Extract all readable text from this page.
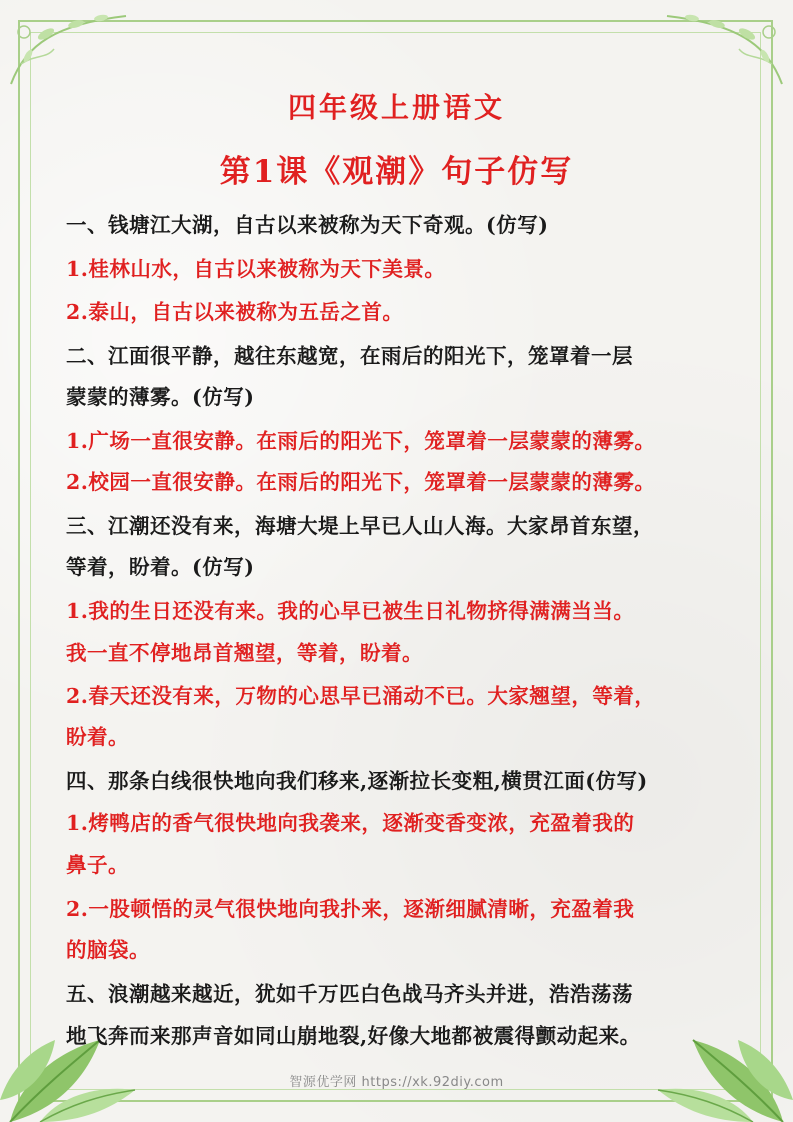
四年级上册语文
第1课《观潮》句子仿写
一、钱塘江大湖，自古以来被称为天下奇观。(仿写)
1.桂林山水，自古以来被称为天下美景。
2.泰山，自古以来被称为五岳之首。
二、江面很平静，越往东越宽，在雨后的阳光下，笼罩着一层
蒙蒙的薄雾。(仿写)
1.广场一直很安静。在雨后的阳光下，笼罩着一层蒙蒙的薄雾。
2.校园一直很安静。在雨后的阳光下，笼罩着一层蒙蒙的薄雾。
三、江潮还没有来，海塘大堤上早已人山人海。大家昂首东望，
等着，盼着。(仿写)
1.我的生日还没有来。我的心早已被生日礼物挤得满满当当。
我一直不停地昂首翘望，等着，盼着。
2.春天还没有来，万物的心思早已涌动不已。大家翘望，等着，
盼着。
四、那条白线很快地向我们移来,逐渐拉长变粗,横贯江面(仿写)
1.烤鸭店的香气很快地向我袭来，逐渐变香变浓，充盈着我的
鼻子。
2.一股顿悟的灵气很快地向我扑来，逐渐细腻清晰，充盈着我
的脑袋。
五、浪潮越来越近，犹如千万匹白色战马齐头并进，浩浩荡荡
地飞奔而来那声音如同山崩地裂,好像大地都被震得颤动起来。
智源优学网 https://xk.92diy.com
